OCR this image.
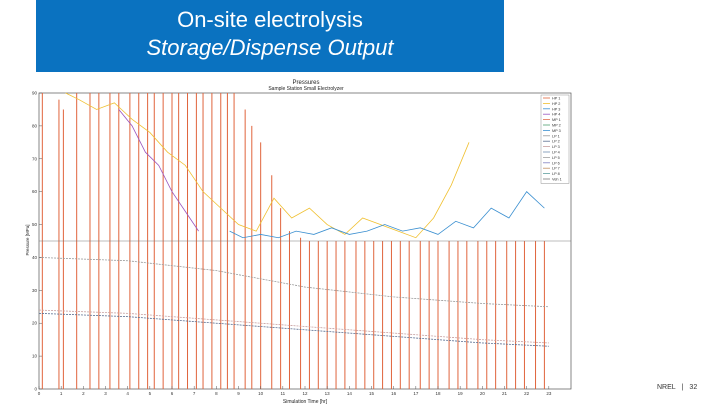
On-site electrolysis
Storage/Dispense Output
Pressures
Sample Station Small Electrolyzer
0
10
20
30
40
50
60
70
80
90
0	1	2	3	4	5	6	7	8	9	10	11	12	13	14	15	16	17	18	19	20	21	22	23
Simulation Time [hr]
Pressure [MPa]
HP 1
HP 2
HP 3
HP 4
MP 1
MP 2
MP 3
LP 1
LP 2
LP 3
LP 4
LP 5
LP 6
LP 7
LP 8
Veh 1
NREL | 32
